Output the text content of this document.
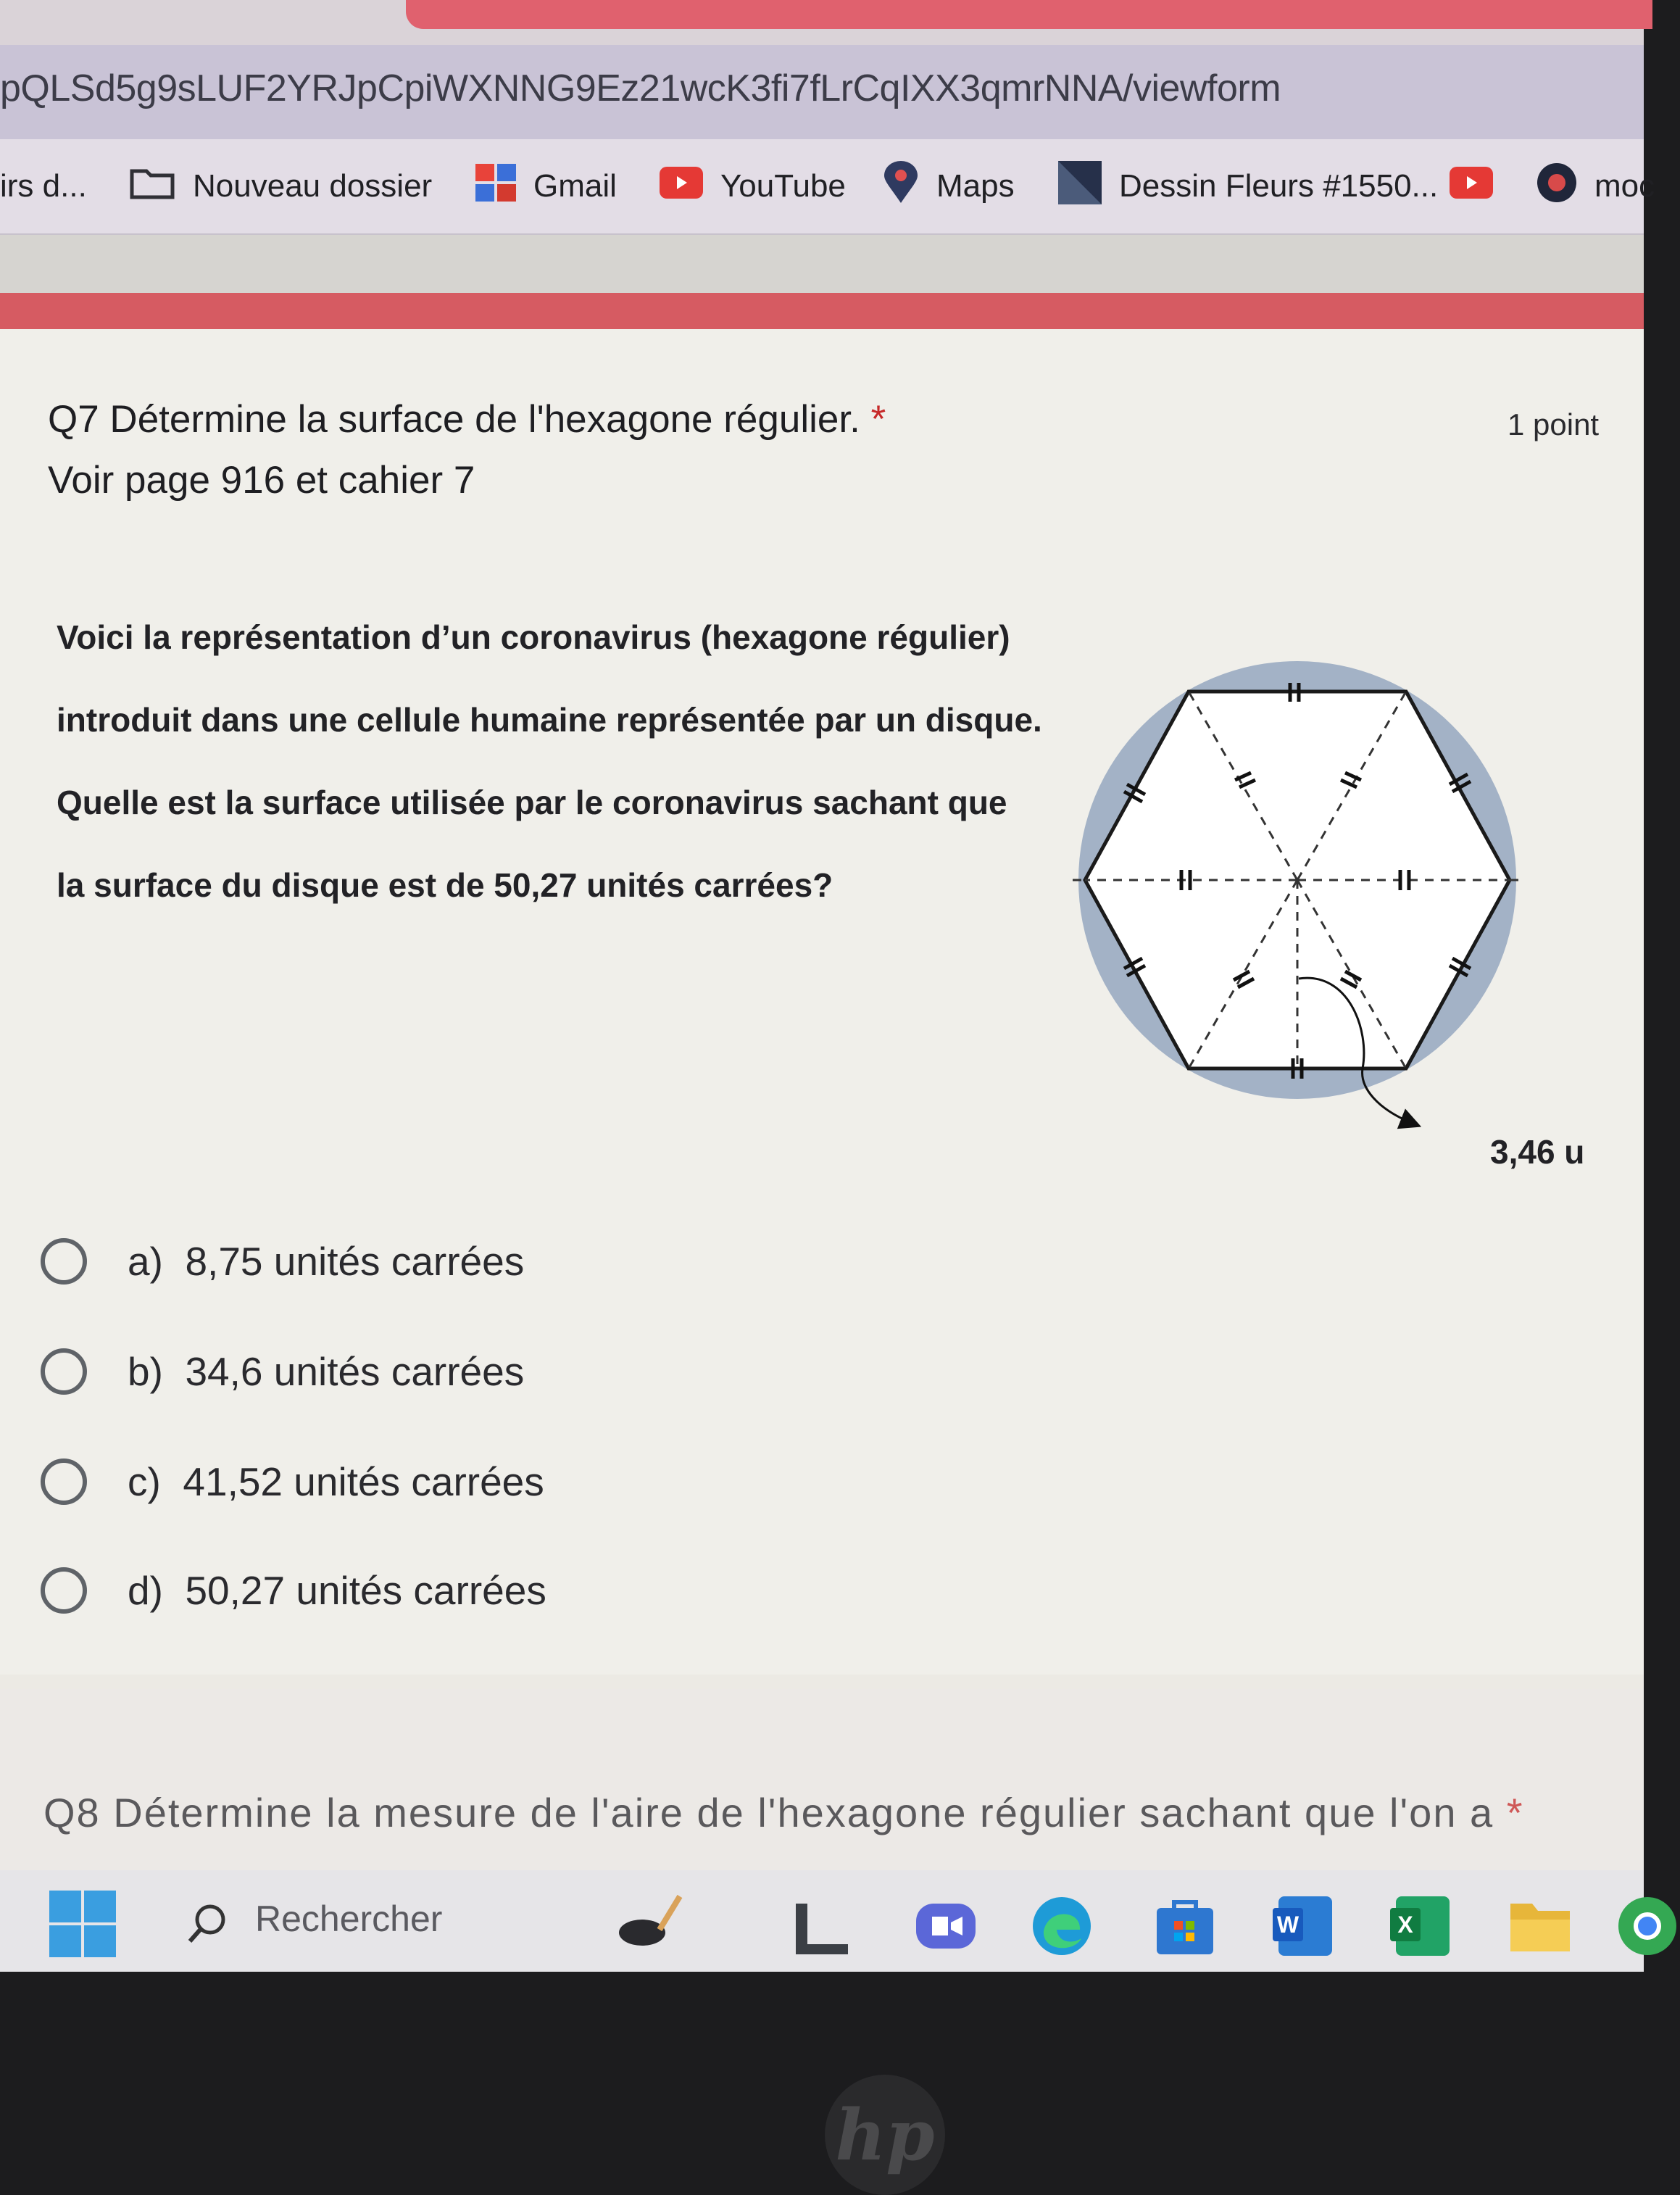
pQLSd5g9sLUF2YRJpCpiWXNNG9Ez21wcK3fi7fLrCqIXX3qmrNNA/viewform
irs d...	Nouveau dossier	Gmail	YouTube	Maps	Dessin Fleurs #1550...	moc
Q7 Détermine la surface de l'hexagone régulier. *
Voir page 916 et cahier 7
1 point
Voici la représentation d’un coronavirus (hexagone régulier)
introduit dans une cellule humaine représentée par un disque.
Quelle est la surface utilisée par le coronavirus sachant que
la surface du disque est de 50,27 unités carrées?
3,46 u
a) 8,75 unités carrées
b) 34,6 unités carrées
c) 41,52 unités carrées
d) 50,27 unités carrées
Q8 Détermine la mesure de l'aire de l'hexagone régulier sachant que l'on a *
Rechercher	W	X
hp
